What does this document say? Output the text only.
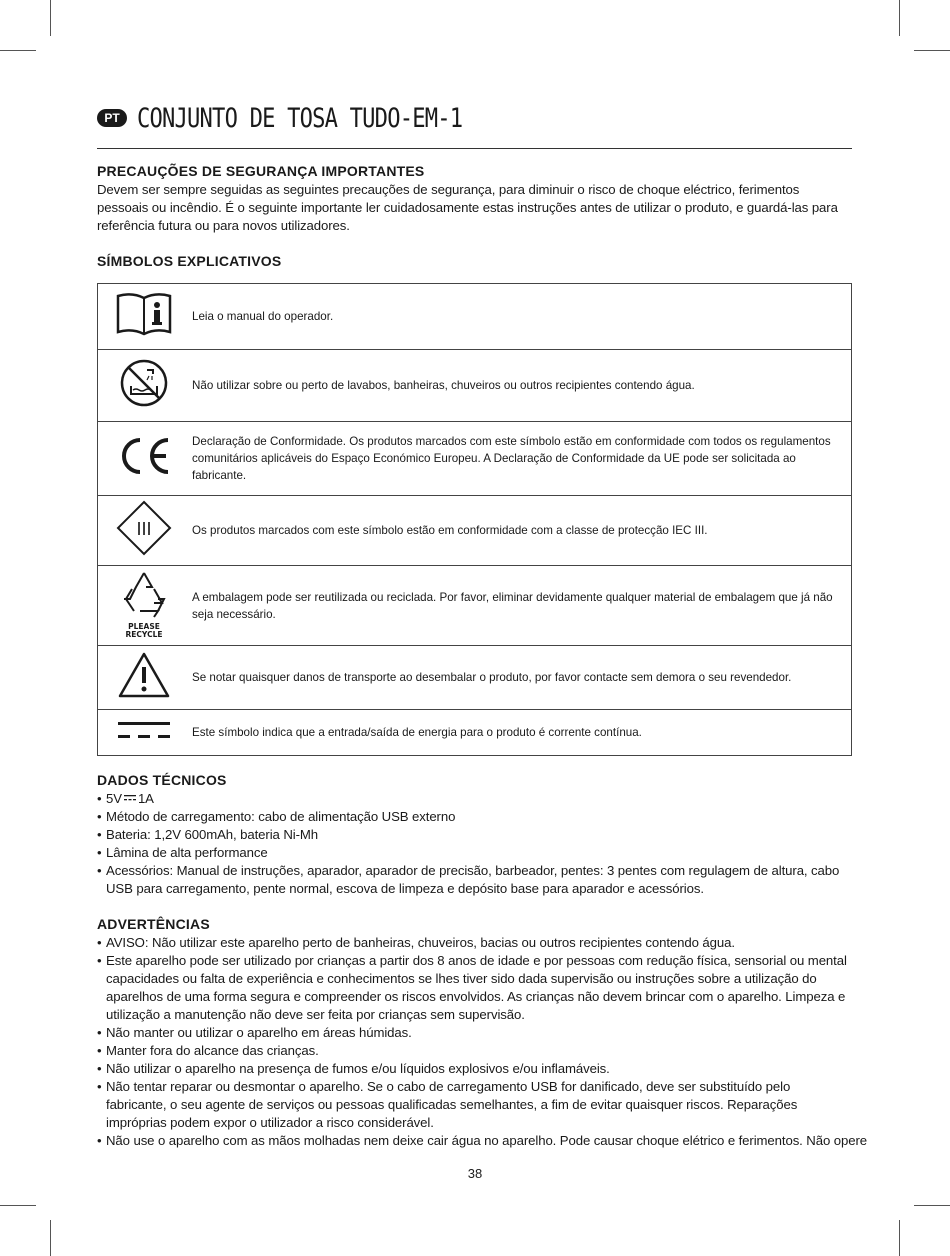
PT CONJUNTO DE TOSA TUDO-EM-1
PRECAUÇÕES DE SEGURANÇA IMPORTANTES

Devem ser sempre seguidas as seguintes precauções de segurança, para diminuir o risco de choque eléctrico, ferimentos pessoais ou incêndio. É o seguinte importante ler cuidadosamente estas instruções antes de utilizar o produto, e guardá-las para referência futura ou para novos utilizadores.

SÍMBOLOS EXPLICATIVOS
	Leia o manual do operador.
	Não utilizar sobre ou perto de lavabos, banheiras, chuveiros ou outros recipientes contendo água.
	Declaração de Conformidade. Os produtos marcados com este símbolo estão em conformidade com todos os regulamentos comunitários aplicáveis do Espaço Económico Europeu. A Declaração de Conformidade da UE pode ser solicitada ao fabricante.

III	Os produtos marcados com este símbolo estão em conformidade com a classe de protecção IEC III.

PLEASE
RECYCLE	A embalagem pode ser reutilizada ou reciclada. Por favor, eliminar devidamente qualquer material de embalagem que já não seja necessário.
	Se notar quaisquer danos de transporte ao desembalar o produto, por favor contacte sem demora o seu revendedor.
	Este símbolo indica que a entrada/saída de energia para o produto é corrente contínua.
DADOS TÉCNICOS
• 5V 1A
• Método de carregamento: cabo de alimentação USB externo
• Bateria: 1,2V 600mAh, bateria Ni-Mh
• Lâmina de alta performance
• Acessórios: Manual de instruções, aparador, aparador de precisão, barbeador, pentes: 3 pentes com regulagem de altura, cabo USB para carregamento, pente normal, escova de limpeza e depósito base para aparador e acessórios.
ADVERTÊNCIAS
• AVISO: Não utilizar este aparelho perto de banheiras, chuveiros, bacias ou outros recipientes contendo água.
• Este aparelho pode ser utilizado por crianças a partir dos 8 anos de idade e por pessoas com redução física, sensorial ou mental capacidades ou falta de experiência e conhecimentos se lhes tiver sido dada supervisão ou instruções sobre a utilização do aparelhos de uma forma segura e compreender os riscos envolvidos. As crianças não devem brincar com o aparelho. Limpeza e utilização a manutenção não deve ser feita por crianças sem supervisão.
• Não manter ou utilizar o aparelho em áreas húmidas.
• Manter fora do alcance das crianças.
• Não utilizar o aparelho na presença de fumos e/ou líquidos explosivos e/ou inflamáveis.
• Não tentar reparar ou desmontar o aparelho. Se o cabo de carregamento USB for danificado, deve ser substituído pelo fabricante, o seu agente de serviços ou pessoas qualificadas semelhantes, a fim de evitar quaisquer riscos. Reparações impróprias podem expor o utilizador a risco considerável.
• Não use o aparelho com as mãos molhadas nem deixe cair água no aparelho. Pode causar choque elétrico e ferimentos. Não opere
38
